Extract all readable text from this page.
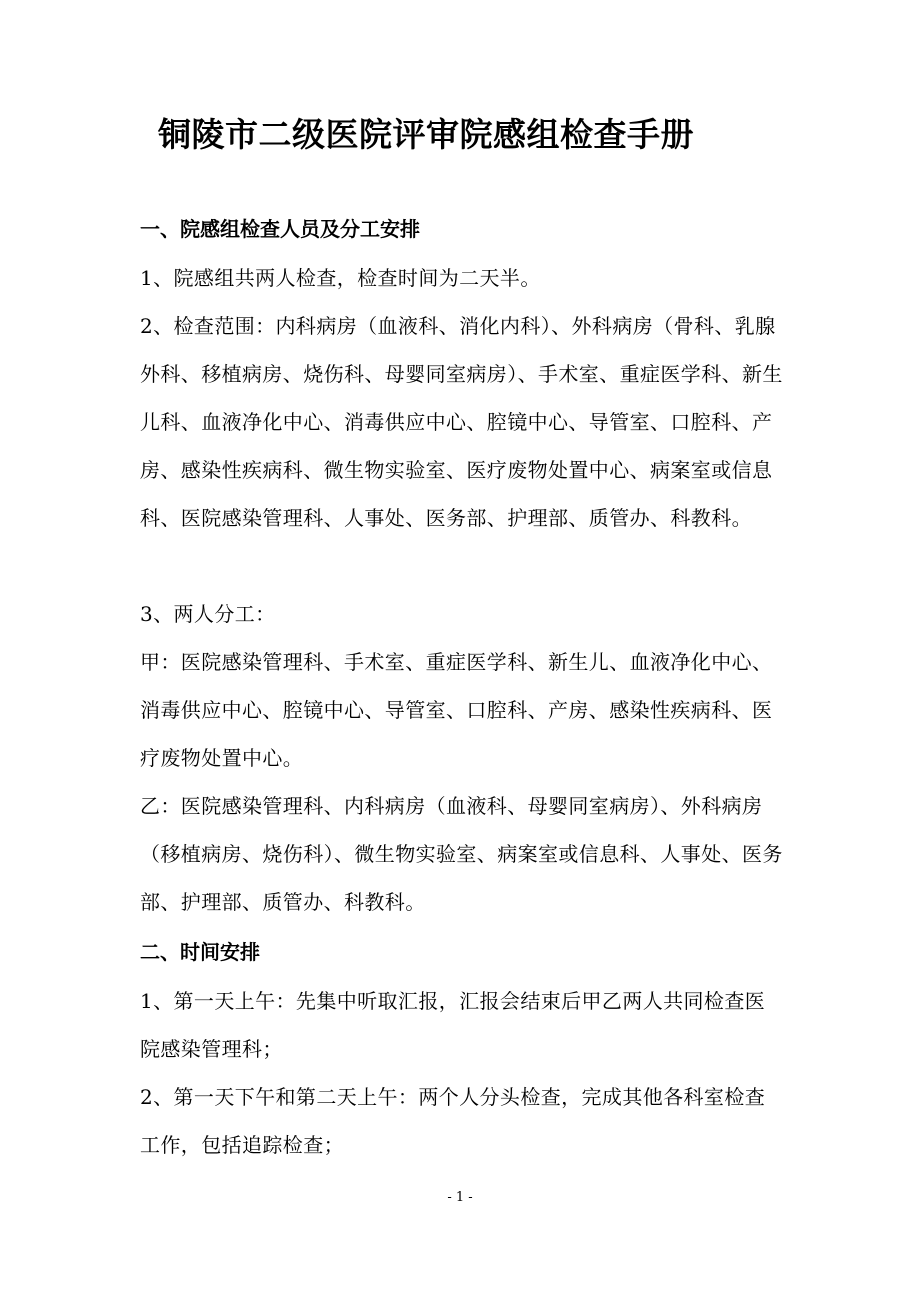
铜陵市二级医院评审院感组检查手册
一、院感组检查人员及分工安排

1、院感组共两人检查，检查时间为二天半。

2、检查范围：内科病房（血液科、消化内科）、外科病房（骨科、乳腺外科、移植病房、烧伤科、母婴同室病房）、手术室、重症医学科、新生儿科、血液净化中心、消毒供应中心、腔镜中心、导管室、口腔科、产房、感染性疾病科、微生物实验室、医疗废物处置中心、病案室或信息科、医院感染管理科、人事处、医务部、护理部、质管办、科教科。

3、两人分工：

甲：医院感染管理科、手术室、重症医学科、新生儿、血液净化中心、消毒供应中心、腔镜中心、导管室、口腔科、产房、感染性疾病科、医疗废物处置中心。

乙：医院感染管理科、内科病房（血液科、母婴同室病房）、外科病房（移植病房、烧伤科）、微生物实验室、病案室或信息科、人事处、医务部、护理部、质管办、科教科。

二、时间安排

1、第一天上午：先集中听取汇报，汇报会结束后甲乙两人共同检查医院感染管理科；

2、第一天下午和第二天上午：两个人分头检查，完成其他各科室检查工作，包括追踪检查；

- 1 -
